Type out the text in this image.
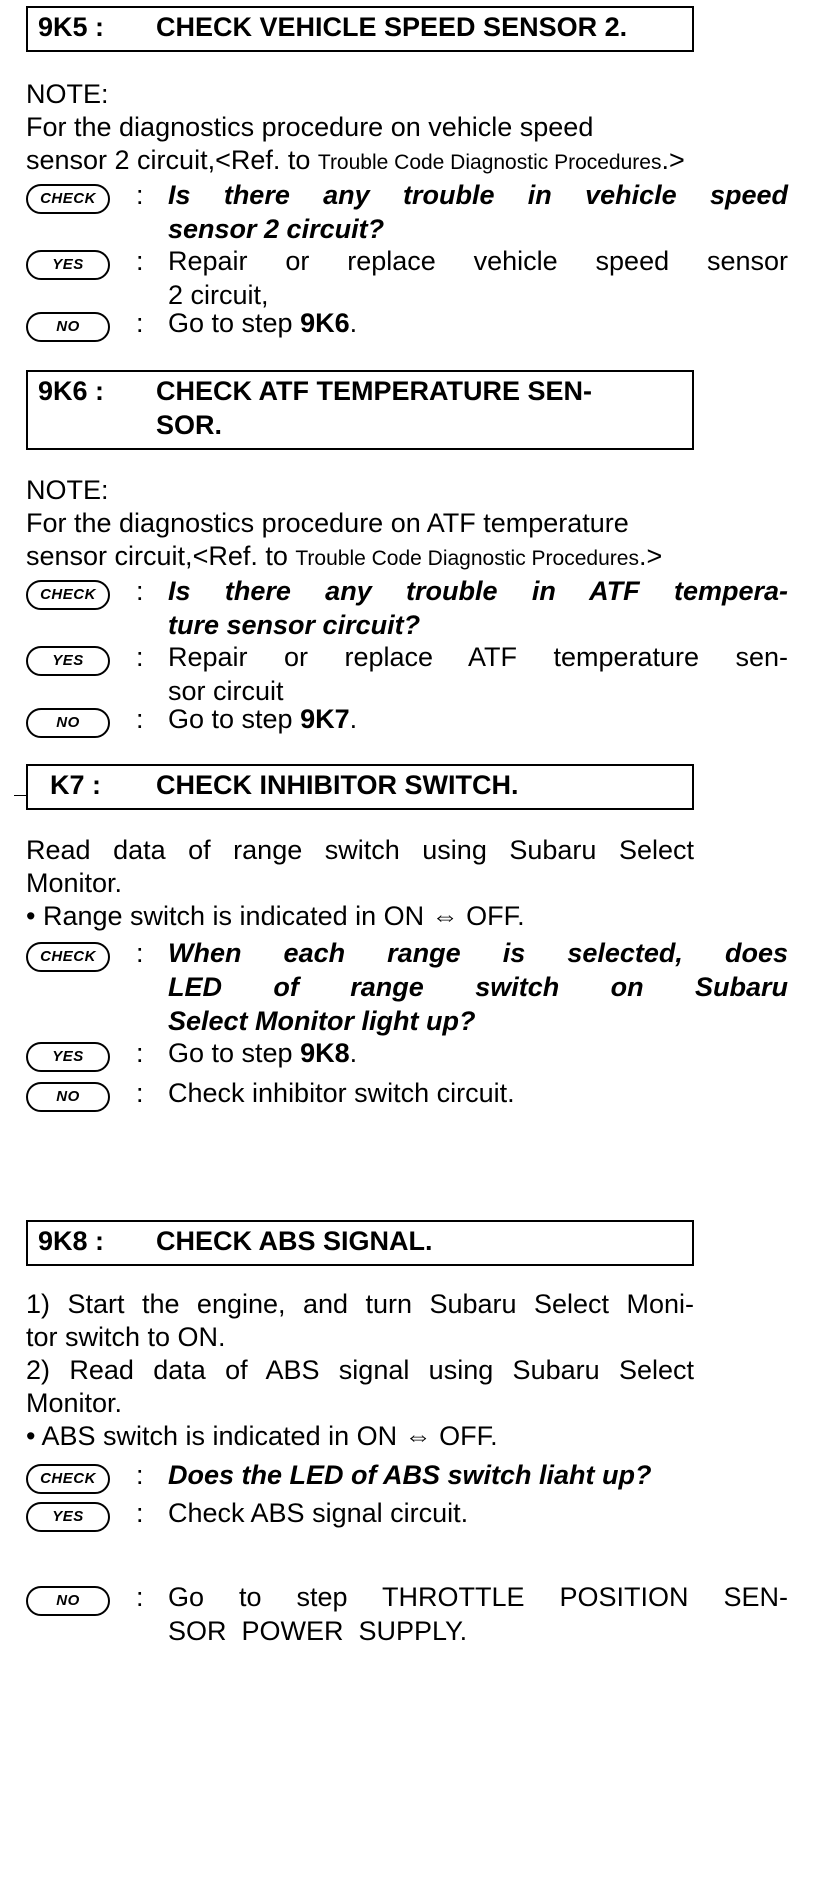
9K5 : CHECK VEHICLE SPEED SENSOR 2.
NOTE:
For the diagnostics procedure on vehicle speed
sensor 2 circuit,<Ref. to Trouble Code Diagnostic Procedures.>
CHECK	: Is there any trouble in vehicle speed
sensor 2 circuit?
YES	: Repair or replace vehicle speed sensor
2 circuit,
NO	: Go to step 9K6.
9K6 : CHECK ATF TEMPERATURE SEN-
SOR.
NOTE:
For the diagnostics procedure on ATF temperature
sensor circuit,<Ref. to Trouble Code Diagnostic Procedures.>
CHECK	: Is there any trouble in ATF tempera-
ture sensor circuit?
YES	: Repair or replace ATF temperature sen-
sor circuit
NO	: Go to step 9K7.
K7 : CHECK INHIBITOR SWITCH.
Read data of range switch using Subaru Select
Monitor.
• Range switch is indicated in ON ⇔ OFF.
CHECK	: When each range is selected, does
LED of range switch on Subaru
Select Monitor light up?
YES	: Go to step 9K8.
NO	: Check inhibitor switch circuit.
9K8 : CHECK ABS SIGNAL.
1) Start the engine, and turn Subaru Select Moni-
tor switch to ON.
2) Read data of ABS signal using Subaru Select
Monitor.
• ABS switch is indicated in ON ⇔ OFF.
CHECK	: Does the LED of ABS switch liaht up?
YES	: Check ABS signal circuit.
NO	: Go to step THROTTLE POSITION SEN-
SOR  POWER  SUPPLY.
